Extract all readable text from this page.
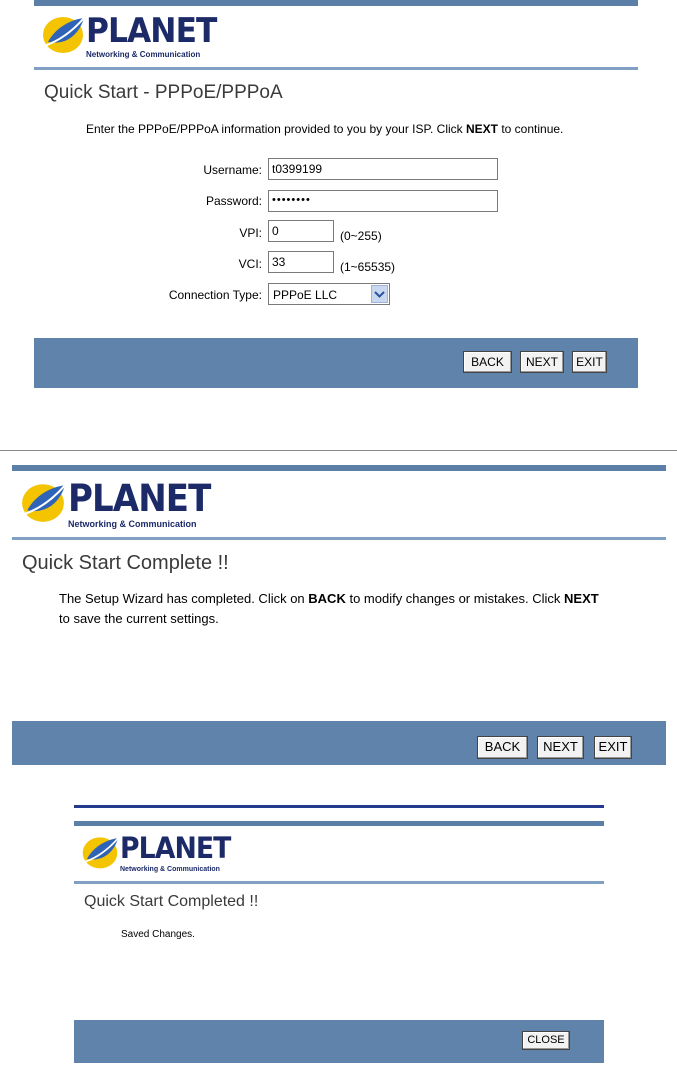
PLANET
Networking & Communication
Quick Start - PPPoE/PPPoA
Enter the PPPoE/PPPoA information provided to you by your ISP. Click NEXT to continue.
Username: t0399199
Password: ••••••••
VPI: 0	(0~255)
VCI: 33	(1~65535)
Connection Type: PPPoE LLC
BACK	NEXT	EXIT
PLANET
Networking & Communication
Quick Start Complete !!
The Setup Wizard has completed. Click on BACK to modify changes or mistakes. Click NEXT
to save the current settings.
BACK	NEXT	EXIT
PLANET
Networking & Communication
Quick Start Completed !!
Saved Changes.
CLOSE
